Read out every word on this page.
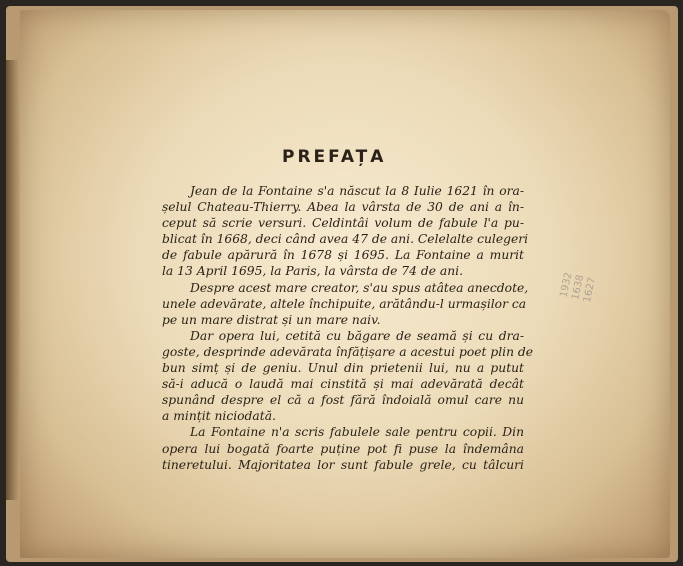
PREFAȚA
Jean de la Fontaine s'a născut la 8 Iulie 1621 în ora-
șelul Chateau-Thierry. Abea la vârsta de 30 de ani a în-
ceput să scrie versuri. Celdintâi volum de fabule l'a pu-
blicat în 1668, deci când avea 47 de ani. Celelalte culegeri
de fabule apărură în 1678 și 1695. La Fontaine a murit
la 13 April 1695, la Paris, la vârsta de 74 de ani.
Despre acest mare creator, s'au spus atâtea anecdote,
unele adevărate, altele închipuite, arătându-l urmașilor ca
pe un mare distrat și un mare naiv.
Dar opera lui, cetită cu băgare de seamă și cu dra-
goste, desprinde adevărata înfățișare a acestui poet plin de
bun simț și de geniu. Unul din prietenii lui, nu a putut
să-i aducă o laudă mai cinstită și mai adevărată decât
spunând despre el că a fost fără îndoială omul care nu
a mințit niciodată.
La Fontaine n'a scris fabulele sale pentru copii. Din
opera lui bogată foarte puține pot fi puse la îndemâna
tineretului. Majoritatea lor sunt fabule grele, cu tâlcuri
1932
1638
1627
